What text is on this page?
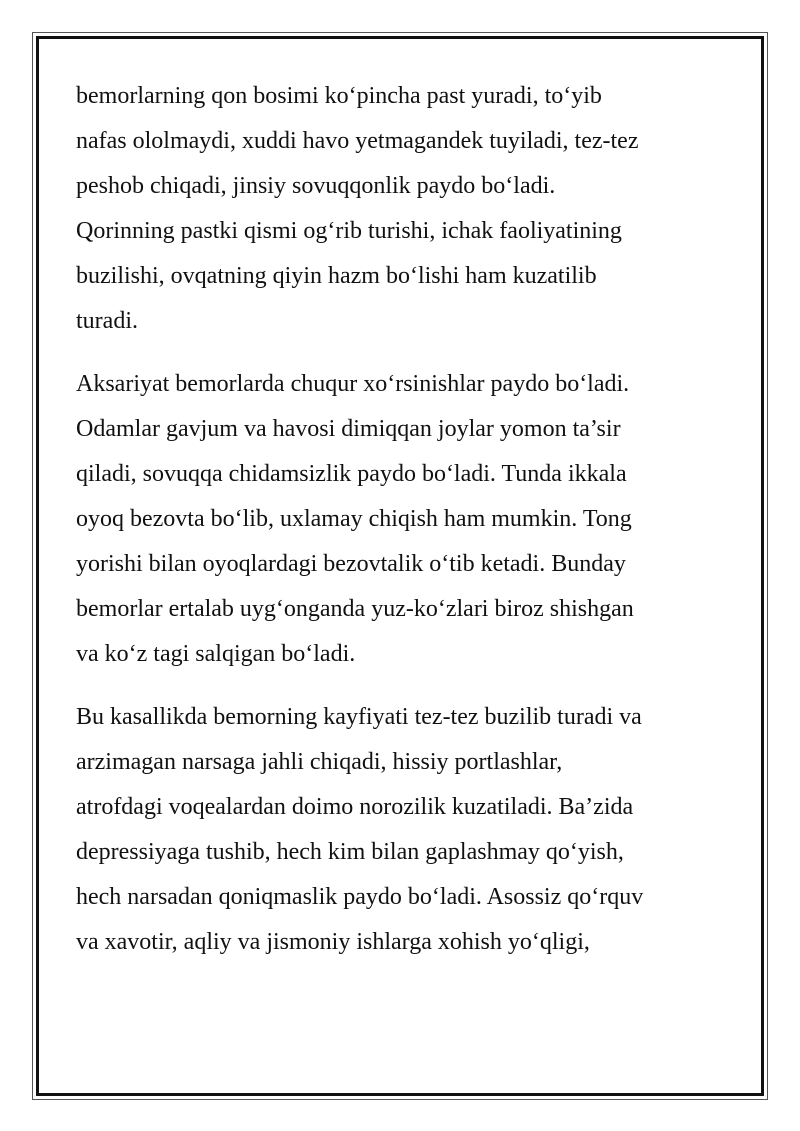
bemorlarning qon bosimi ko‘pincha past yuradi, to‘yib
nafas ololmaydi, xuddi havo yetmagandek tuyiladi, tez-tez
peshob chiqadi, jinsiy sovuqqonlik paydo bo‘ladi.
Qorinning pastki qismi og‘rib turishi, ichak faoliyatining
buzilishi, ovqatning qiyin hazm bo‘lishi ham kuzatilib
turadi.
Aksariyat bemorlarda chuqur xo‘rsinishlar paydo bo‘ladi.
Odamlar gavjum va havosi dimiqqan joylar yomon ta’sir
qiladi, sovuqqa chidamsizlik paydo bo‘ladi. Tunda ikkala
oyoq bezovta bo‘lib, uxlamay chiqish ham mumkin. Tong
yorishi bilan oyoqlardagi bezovtalik o‘tib ketadi. Bunday
bemorlar ertalab uyg‘onganda yuz-ko‘zlari biroz shishgan
va ko‘z tagi salqigan bo‘ladi.
Bu kasallikda bemorning kayfiyati tez-tez buzilib turadi va
arzimagan narsaga jahli chiqadi, hissiy portlashlar,
atrofdagi voqealardan doimo norozilik kuzatiladi. Ba’zida
depressiyaga tushib, hech kim bilan gaplashmay qo‘yish,
hech narsadan qoniqmaslik paydo bo‘ladi. Asossiz qo‘rquv
va xavotir, aqliy va jismoniy ishlarga xohish yo‘qligi,
